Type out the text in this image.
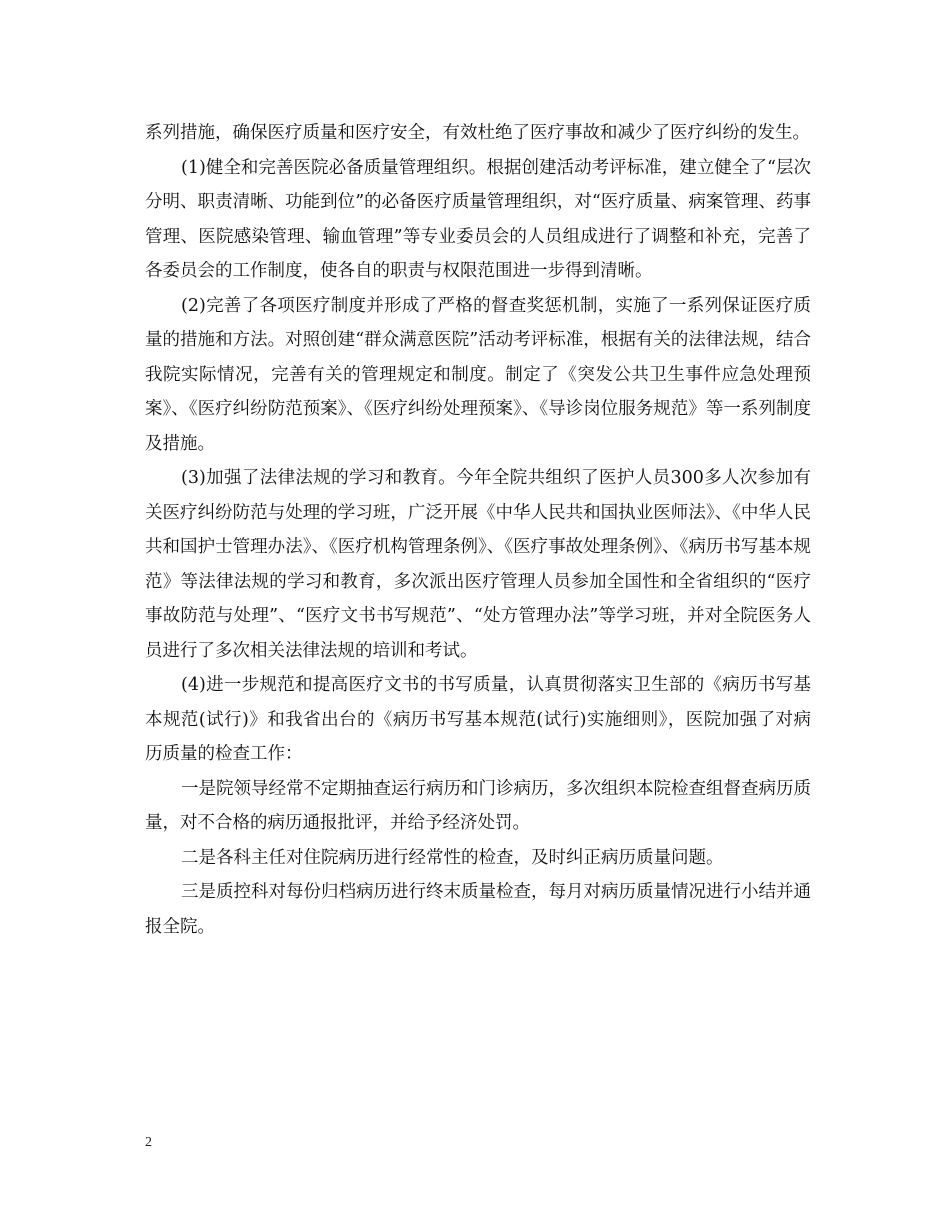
系列措施，确保医疗质量和医疗安全，有效杜绝了医疗事故和减少了医疗纠纷的发生。

(1)健全和完善医院必备质量管理组织。根据创建活动考评标准，建立健全了“层次分明、职责清晰、功能到位”的必备医疗质量管理组织，对“医疗质量、病案管理、药事管理、医院感染管理、输血管理”等专业委员会的人员组成进行了调整和补充，完善了各委员会的工作制度，使各自的职责与权限范围进一步得到清晰。

(2)完善了各项医疗制度并形成了严格的督查奖惩机制，实施了一系列保证医疗质量的措施和方法。对照创建“群众满意医院”活动考评标准，根据有关的法律法规，结合我院实际情况，完善有关的管理规定和制度。制定了《突发公共卫生事件应急处理预案》、《医疗纠纷防范预案》、《医疗纠纷处理预案》、《导诊岗位服务规范》等一系列制度及措施。

(3)加强了法律法规的学习和教育。今年全院共组织了医护人员300多人次参加有关医疗纠纷防范与处理的学习班，广泛开展《中华人民共和国执业医师法》、《中华人民共和国护士管理办法》、《医疗机构管理条例》、《医疗事故处理条例》、《病历书写基本规范》等法律法规的学习和教育，多次派出医疗管理人员参加全国性和全省组织的“医疗事故防范与处理”、“医疗文书书写规范”、“处方管理办法”等学习班，并对全院医务人员进行了多次相关法律法规的培训和考试。

(4)进一步规范和提高医疗文书的书写质量，认真贯彻落实卫生部的《病历书写基本规范(试行)》和我省出台的《病历书写基本规范(试行)实施细则》，医院加强了对病历质量的检查工作：

一是院领导经常不定期抽查运行病历和门诊病历，多次组织本院检查组督查病历质量，对不合格的病历通报批评，并给予经济处罚。

二是各科主任对住院病历进行经常性的检查，及时纠正病历质量问题。

三是质控科对每份归档病历进行终末质量检查，每月对病历质量情况进行小结并通报全院。

2
